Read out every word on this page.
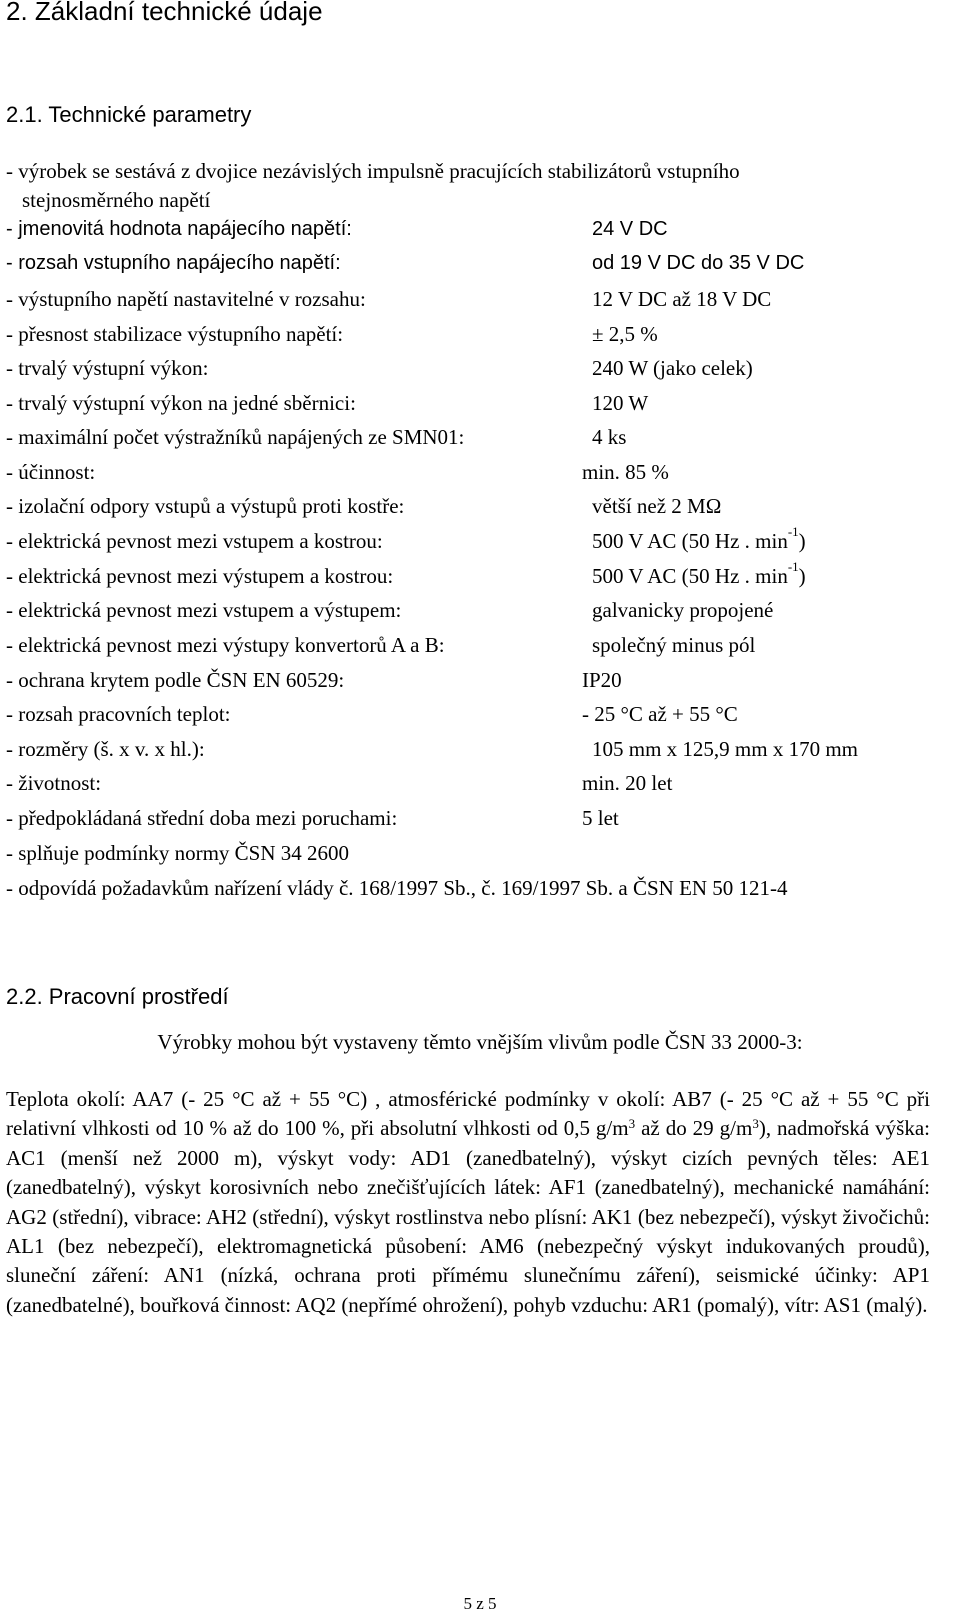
2. Základní technické údaje
2.1. Technické parametry
- výrobek se sestává z dvojice nezávislých impulsně pracujících stabilizátorů vstupního
stejnosměrného napětí
- jmenovitá hodnota napájecího napětí:	24 V DC
- rozsah vstupního napájecího napětí:	od 19 V DC do 35 V DC
- výstupního napětí nastavitelné v rozsahu:	12 V DC až 18 V DC
- přesnost stabilizace výstupního napětí:	± 2,5 %
- trvalý výstupní výkon:	240 W (jako celek)
- trvalý výstupní výkon na jedné sběrnici:	120 W
- maximální počet výstražníků napájených ze SMN01:	4 ks
- účinnost:	min. 85 %
- izolační odpory vstupů a výstupů proti kostře:	větší než 2 MΩ
- elektrická pevnost mezi vstupem a kostrou:	500 V AC (50 Hz . $\min^{-1}$)
- elektrická pevnost mezi výstupem a kostrou:	500 V AC (50 Hz . $\min^{-1}$)
- elektrická pevnost mezi vstupem a výstupem:	galvanicky propojené
- elektrická pevnost mezi výstupy konvertorů A a B:	společný minus pól
- ochrana krytem podle ČSN EN 60529:	IP20
- rozsah pracovních teplot:	- 25 °C až + 55 °C
- rozměry (š. x v. x hl.):	105 mm x 125,9 mm x 170 mm
- životnost:	min. 20 let
- předpokládaná střední doba mezi poruchami:	5 let
- splňuje podmínky normy ČSN 34 2600
- odpovídá požadavkům nařízení vlády č. 168/1997 Sb., č. 169/1997 Sb. a ČSN EN 50 121-4
2.2. Pracovní prostředí
Výrobky mohou být vystaveny těmto vnějším vlivům podle ČSN 33 2000-3:
Teplota okolí: AA7 (- 25 °C až + 55 °C) , atmosférické podmínky v okolí: AB7 (- 25 °C až + 55 °C při relativní vlhkosti od 10 % až do 100 %, při absolutní vlhkosti od 0,5 $g/m^3$ až do 29 $g/m^3$), nadmořská výška: AC1 (menší než 2000 m), výskyt vody: AD1 (zanedbatelný), výskyt cizích pevných těles: AE1 (zanedbatelný), výskyt korosivních nebo znečišťujících látek: AF1 (zanedbatelný), mechanické namáhání: AG2 (střední), vibrace: AH2 (střední), výskyt rostlinstva nebo plísní: AK1 (bez nebezpečí), výskyt živočichů: AL1 (bez nebezpečí), elektromagnetická působení: AM6 (nebezpečný výskyt indukovaných proudů), sluneční záření: AN1 (nízká, ochrana proti přímému slunečnímu záření), seismické účinky: AP1 (zanedbatelné), bouřková činnost: AQ2 (nepřímé ohrožení), pohyb vzduchu: AR1 (pomalý), vítr: AS1 (malý).
5 z 5
